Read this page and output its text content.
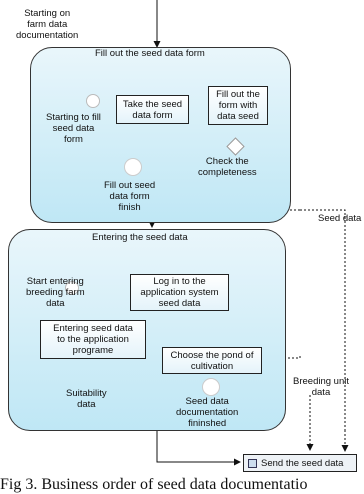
Starting on
farm data
documentation
Fill out the seed data form
Starting to fill
seed data
form
Take the seed
data form
Fill out the
form with
data seed
Check the
completeness
Fill out seed
data form
finish
Seed data
Entering the seed data
Start entering
breeding farm
data
Log in to the
application system
seed data
Entering seed data
to the application
programe
Suitability
data
Choose the pond of
cultivation
Seed data
documentation
fininshed
Breeding unit
data
Send the seed data
Fig 3. Business order of seed data documentatio
